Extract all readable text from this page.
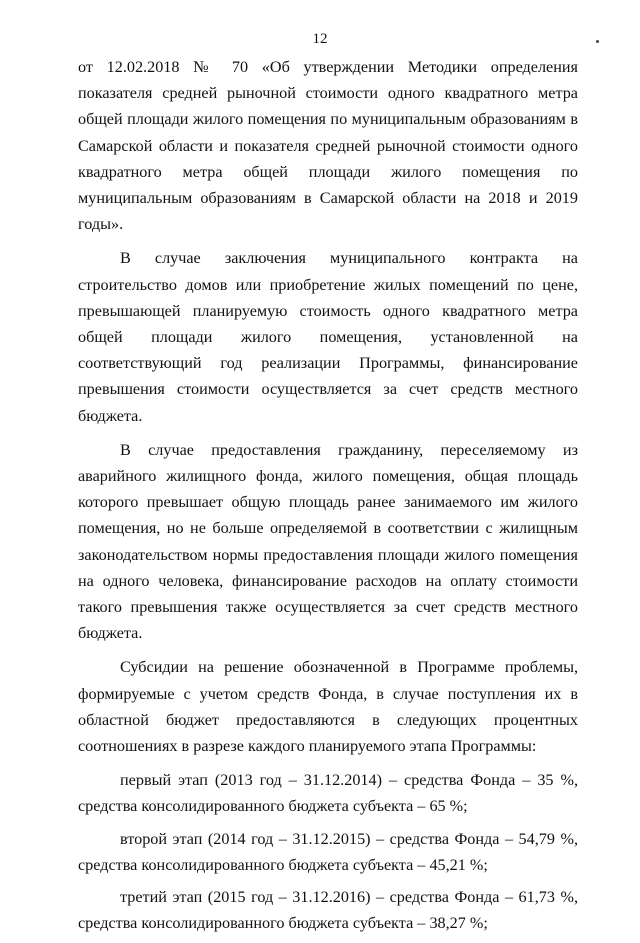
12

от 12.02.2018 № 70 «Об утверждении Методики определения показателя средней рыночной стоимости одного квадратного метра общей площади жилого помещения по муниципальным образованиям в Самарской области и показателя средней рыночной стоимости одного квадратного метра общей площади жилого помещения по муниципальным образованиям в Самарской области на 2018 и 2019 годы».

В случае заключения муниципального контракта на строительство домов или приобретение жилых помещений по цене, превышающей планируемую стоимость одного квадратного метра общей площади жилого помещения, установленной на соответствующий год реализации Программы, финансирование превышения стоимости осуществляется за счет средств местного бюджета.

В случае предоставления гражданину, переселяемому из аварийного жилищного фонда, жилого помещения, общая площадь которого превышает общую площадь ранее занимаемого им жилого помещения, но не больше определяемой в соответствии с жилищным законодательством нормы предоставления площади жилого помещения на одного человека, финансирование расходов на оплату стоимости такого превышения также осуществляется за счет средств местного бюджета.

Субсидии на решение обозначенной в Программе проблемы, формируемые с учетом средств Фонда, в случае поступления их в областной бюджет предоставляются в следующих процентных соотношениях в разрезе каждого планируемого этапа Программы:

первый этап (2013 год – 31.12.2014) – средства Фонда – 35 %, средства консолидированного бюджета субъекта – 65 %;

второй этап (2014 год – 31.12.2015) – средства Фонда – 54,79 %, средства консолидированного бюджета субъекта – 45,21 %;

третий этап (2015 год – 31.12.2016) – средства Фонда – 61,73 %, средства консолидированного бюджета субъекта – 38,27 %;
